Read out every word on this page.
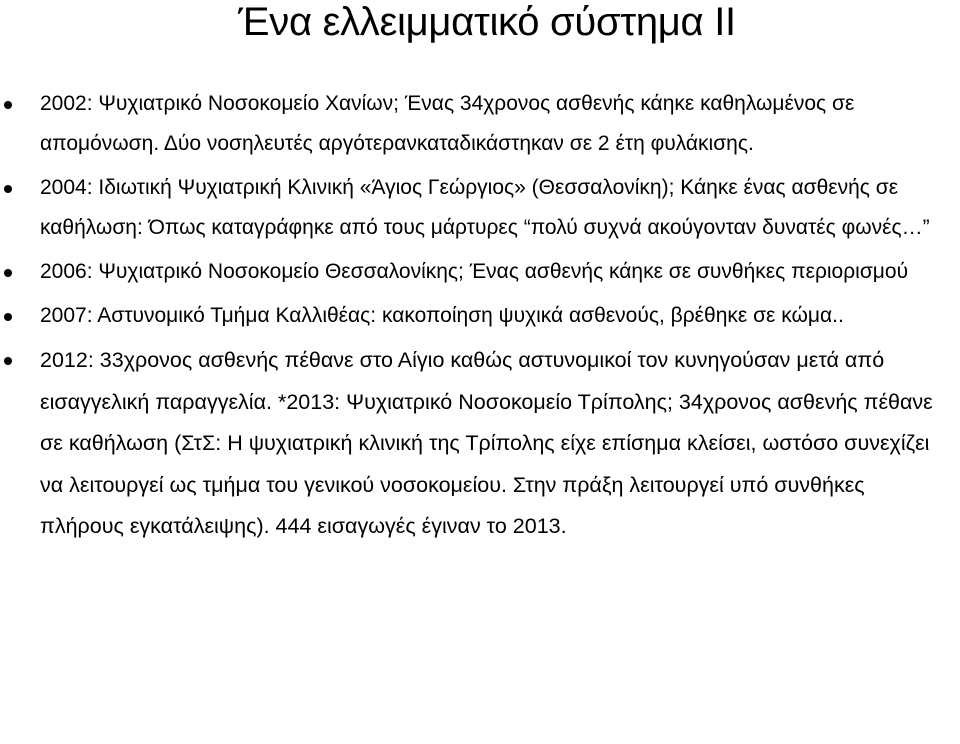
Ένα ελλειμματικό σύστημα ΙΙ
2002: Ψυχιατρικό Νοσοκομείο Χανίων; Ένας 34χρονος ασθενής κάηκε καθηλωμένος σε απομόνωση. Δύο νοσηλευτές αργότερανκαταδικάστηκαν σε 2 έτη φυλάκισης.
2004: Ιδιωτική Ψυχιατρική Κλινική «Άγιος Γεώργιος» (Θεσσαλονίκη); Κάηκε ένας ασθενής σε καθήλωση: Όπως καταγράφηκε από τους μάρτυρες “πολύ συχνά ακούγονταν δυνατές φωνές…”
2006: Ψυχιατρικό Νοσοκομείο Θεσσαλονίκης; Ένας ασθενής κάηκε σε συνθήκες περιορισμού
2007: Αστυνομικό Τμήμα Καλλιθέας: κακοποίηση ψυχικά ασθενούς, βρέθηκε σε κώμα..
2012: 33χρονος ασθενής πέθανε στο Αίγιο καθώς αστυνομικοί τον κυνηγούσαν μετά από εισαγγελική παραγγελία. *2013: Ψυχιατρικό Νοσοκομείο Τρίπολης; 34χρονος ασθενής πέθανε σε καθήλωση (ΣτΣ: Η ψυχιατρική κλινική της Τρίπολης είχε επίσημα κλείσει, ωστόσο συνεχίζει να λειτουργεί ως τμήμα του γενικού νοσοκομείου. Στην πράξη λειτουργεί υπό συνθήκες πλήρους εγκατάλειψης). 444 εισαγωγές έγιναν το 2013.
